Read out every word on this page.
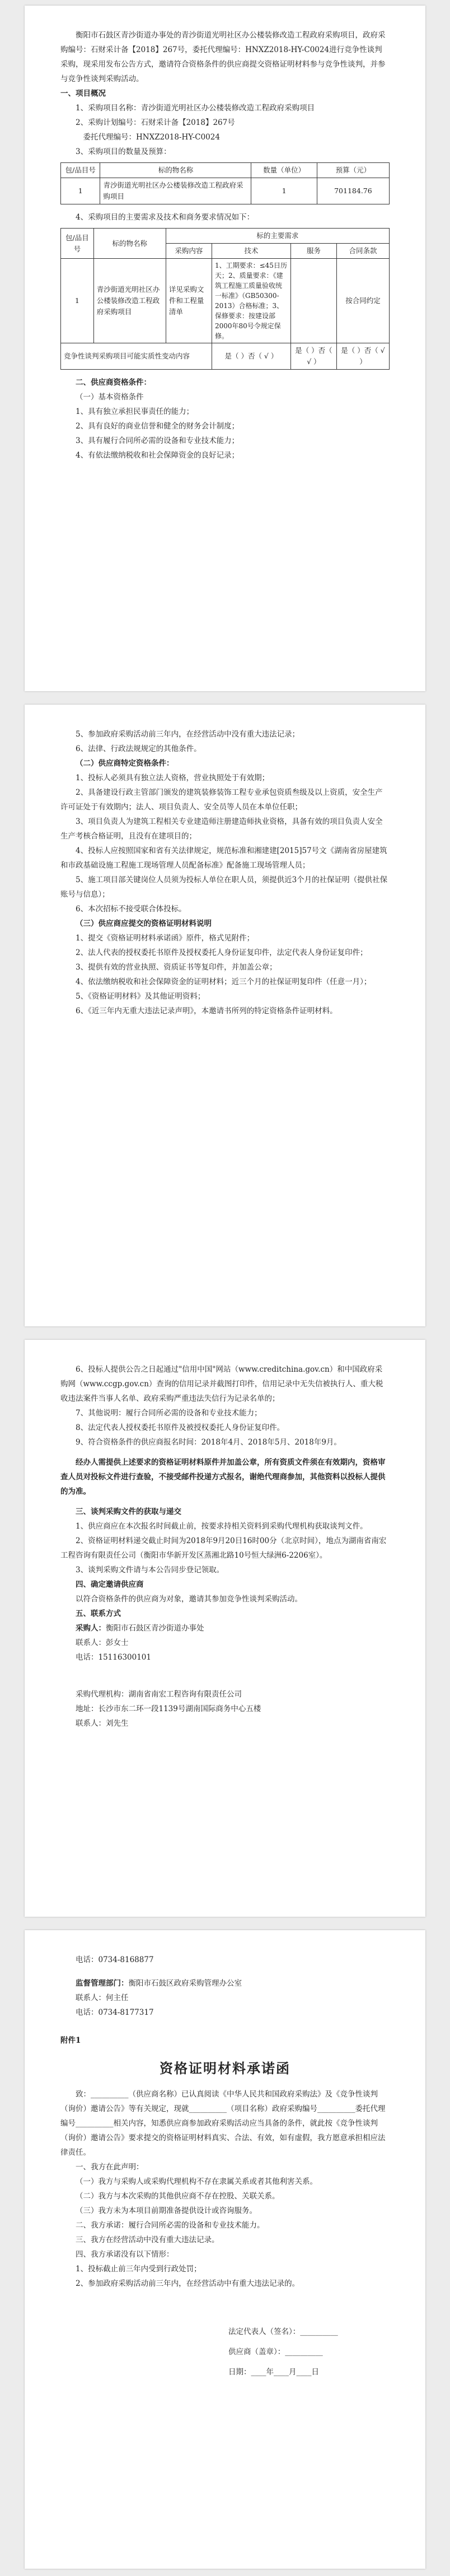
衡阳市石鼓区青沙街道办事处的青沙街道光明社区办公楼装修改造工程政府采购项目，政府采购编号：石财采计备【2018】267号，委托代理编号：HNXZ2018-HY-C0024进行竞争性谈判采购，现采用发布公告方式，邀请符合资格条件的供应商提交资格证明材料参与竞争性谈判，并参与竞争性谈判采购活动。

一、项目概况

1、采购项目名称：青沙街道光明社区办公楼装修改造工程政府采购项目

2、采购计划编号：石财采计备【2018】267号

委托代理编号：HNXZ2018-HY-C0024

3、采购项目的数量及预算：

包/品目号	标的物名称	数量（单位）	预算（元）
1	青沙街道光明社区办公楼装修改造工程政府采购项目	1	701184.76

4、采购项目的主要需求及技术和商务要求情况如下：

包/品目号	标的物名称	标的主要需求			
		采购内容	技术	服务	合同条款
1	青沙街道光明社区办公楼装修改造工程政府采购项目	详见采购文件和工程量清单	1、工期要求：≤45日历天；2、质量要求：《建筑工程施工质量验收统一标准》（GB50300-2013）合格标准；3、保修要求：按建设部2000年80号令规定保修。		按合同约定
竞争性谈判采购项目可能实质性变动内容			是（ ）否（ √ ）	是（ ）否（ √ ）	是（ ）否（ √ ）

二、供应商资格条件：

（一）基本资格条件

1、具有独立承担民事责任的能力；

2、具有良好的商业信誉和健全的财务会计制度；

3、具有履行合同所必需的设备和专业技术能力；

4、有依法缴纳税收和社会保障资金的良好记录；

5、参加政府采购活动前三年内，在经营活动中没有重大违法记录；

6、法律、行政法规规定的其他条件。

（二）供应商特定资格条件：

1、投标人必须具有独立法人资格，营业执照处于有效期；

2、具备建设行政主管部门颁发的建筑装修装饰工程专业承包资质叁级及以上资质，安全生产许可证处于有效期内；法人、项目负责人、安全员等人员在本单位任职；

3、项目负责人为建筑工程相关专业建造师注册建造师执业资格，具备有效的项目负责人安全生产考核合格证明，且没有在建项目的；

4、投标人应按照国家和省有关法律规定，规范标准和湘建建[2015]57号文《湖南省房屋建筑和市政基础设施工程施工现场管理人员配备标准》配备施工现场管理人员；

5、施工项目部关键岗位人员须为投标人单位在职人员，须提供近3个月的社保证明（提供社保账号与信息）；

6、本次招标不接受联合体投标。

（三）供应商应提交的资格证明材料说明

1、提交《资格证明材料承诺函》原件，格式见附件；

2、法人代表的授权委托书原件及授权委托人身份证复印件，法定代表人身份证复印件；

3、提供有效的营业执照、资质证书等复印件，并加盖公章；

4、依法缴纳税收和社会保障资金的证明材料；近三个月的社保证明复印件（任意一月）；

5、《资格证明材料》及其他证明资料；

6、《近三年内无重大违法记录声明》，本邀请书所列的特定资格条件证明材料。

6、投标人提供公告之日起通过"信用中国"网站（www.creditchina.gov.cn）和中国政府采购网（www.ccgp.gov.cn）查询的信用记录并截图打印件，信用记录中无失信被执行人、重大税收违法案件当事人名单、政府采购严重违法失信行为记录名单的；

7、其他说明：履行合同所必需的设备和专业技术能力；

8、法定代表人授权委托书原件及被授权委托人身份证复印件。

9、符合资格条件的供应商报名时间：2018年4月、2018年5月、2018年9月。

经办人需提供上述要求的资格证明材料原件并加盖公章，所有资质文件须在有效期内，资格审查人员对投标文件进行查验，不接受邮件投递方式报名，谢绝代理商参加，其他资料以投标人提供的为准。

三、谈判采购文件的获取与递交

1、供应商应在本次报名时间截止前，按要求持相关资料到采购代理机构获取谈判文件。

2、资格证明材料递交截止时间为2018年9月20日16时00分（北京时间），地点为湖南省南宏工程咨询有限责任公司（衡阳市华新开发区蒸湘北路10号恒大绿洲6-2206室）。

3、谈判采购文件请与本公告同步登记领取。

四、确定邀请供应商

以符合资格条件的供应商为对象，邀请其参加竞争性谈判采购活动。

五、联系方式

采购人：衡阳市石鼓区青沙街道办事处

联系人：彭女士

电话：15116300101

采购代理机构：湖南省南宏工程咨询有限责任公司

地址：长沙市东二环一段1139号湖南国际商务中心五楼

联系人：刘先生

电话：0734-8168877

监督管理部门：衡阳市石鼓区政府采购管理办公室

联系人：何主任

电话：0734-8177317

附件1

资格证明材料承诺函

致：__________（供应商名称）已认真阅读《中华人民共和国政府采购法》及《竞争性谈判（询价）邀请公告》等有关规定，现就__________（项目名称）政府采购编号__________委托代理编号__________相关内容，知悉供应商参加政府采购活动应当具备的条件，就此按《竞争性谈判（询价）邀请公告》要求提交的资格证明材料真实、合法、有效，如有虚假，我方愿意承担相应法律责任。

一、我方在此声明：

（一）我方与采购人或采购代理机构不存在隶属关系或者其他利害关系。

（二）我方与本次采购的其他供应商不存在控股、关联关系。

（三）我方未为本项目前期准备提供设计或咨询服务。

二、我方承诺：履行合同所必需的设备和专业技术能力。

三、我方在经营活动中没有重大违法记录。

四、我方承诺没有以下情形：

1、投标截止前三年内受到行政处罚；

2、参加政府采购活动前三年内，在经营活动中有重大违法记录的。

法定代表人（签名）：__________

供应商（盖章）：__________

日期：____年____月____日
